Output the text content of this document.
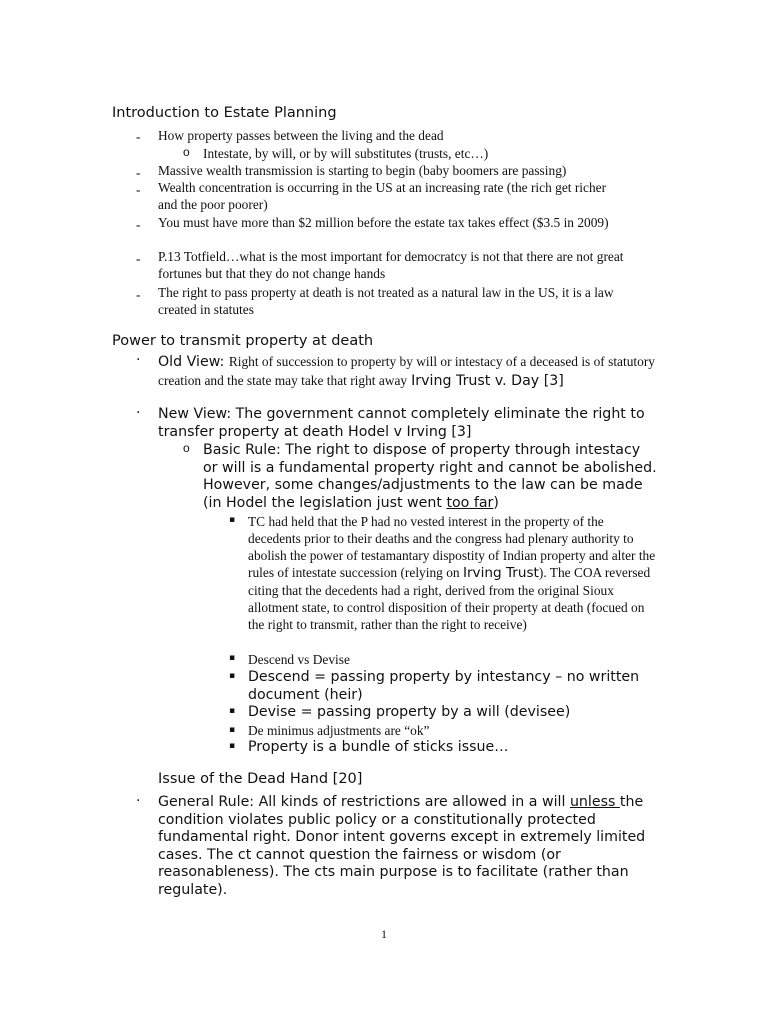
Introduction to Estate Planning
- How property passes between the living and the dead
o Intestate, by will, or by will substitutes (trusts, etc…)
- Massive wealth transmission is starting to begin (baby boomers are passing)
- Wealth concentration is occurring in the US at an increasing rate (the rich get richer and the poor poorer)
- You must have more than $2 million before the estate tax takes effect ($3.5 in 2009)
- P.13 Totfield…what is the most important for democratcy is not that there are not great fortunes but that they do not change hands
- The right to pass property at death is not treated as a natural law in the US, it is a law created in statutes
Power to transmit property at death
· Old View: Right of succession to property by will or intestacy of a deceased is of statutory creation and the state may take that right away Irving Trust v. Day [3]
· New View: The government cannot completely eliminate the right to transfer property at death Hodel v Irving [3]
o Basic Rule: The right to dispose of property through intestacy or will is a fundamental property right and cannot be abolished. However, some changes/adjustments to the law can be made (in Hodel the legislation just went too far)
▪ TC had held that the P had no vested interest in the property of the decedents prior to their deaths and the congress had plenary authority to abolish the power of testamantary dispostity of Indian property and alter the rules of intestate succession (relying on Irving Trust). The COA reversed citing that the decedents had a right, derived from the original Sioux allotment state, to control disposition of their property at death (focued on the right to transmit, rather than the right to receive)
▪ Descend vs Devise
▪ Descend = passing property by intestancy – no written document (heir)
▪ Devise = passing property by a will (devisee)
▪ De minimus adjustments are “ok”
▪ Property is a bundle of sticks issue…
Issue of the Dead Hand [20]
· General Rule: All kinds of restrictions are allowed in a will unless the condition violates public policy or a constitutionally protected fundamental right. Donor intent governs except in extremely limited cases. The ct cannot question the fairness or wisdom (or reasonableness). The cts main purpose is to facilitate (rather than regulate).
1
